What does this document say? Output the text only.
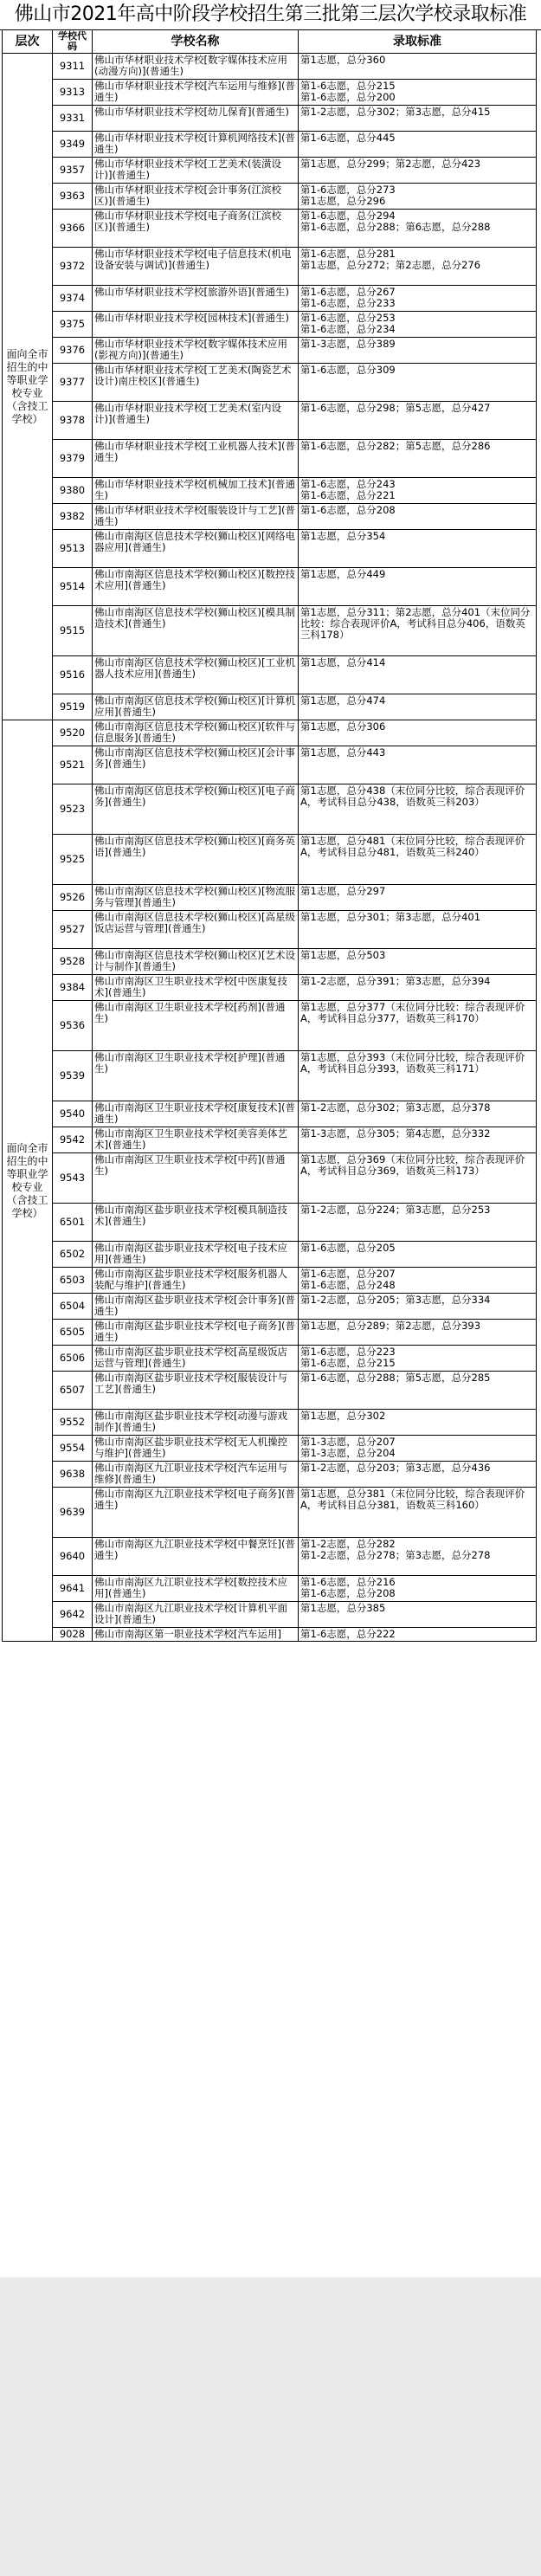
佛山市2021年高中阶段学校招生第三批第三层次学校录取标准
层次	学校代码	学校名称	录取标准
面向全市招生的中等职业学校专业（含技工学校）	9311	佛山市华材职业技术学校[数字媒体技术应用(动漫方向)](普通生)	第1志愿，总分360
	9313	佛山市华材职业技术学校[汽车运用与维修](普通生)	第1-6志愿，总分215
第1-6志愿，总分200
	9331	佛山市华材职业技术学校[幼儿保育](普通生)	第1-2志愿，总分302；第3志愿，总分415
	9349	佛山市华材职业技术学校[计算机网络技术](普通生)	第1-6志愿，总分445
	9357	佛山市华材职业技术学校[工艺美术(装潢设计)](普通生)	第1志愿，总分299；第2志愿，总分423
	9363	佛山市华材职业技术学校[会计事务(江滨校区)](普通生)	第1-6志愿，总分273
第1志愿，总分296
	9366	佛山市华材职业技术学校[电子商务(江滨校区)](普通生)	第1-6志愿，总分294
第1-6志愿，总分288；第6志愿，总分288
	9372	佛山市华材职业技术学校[电子信息技术(机电设备安装与调试)](普通生)	第1-6志愿，总分281
第1志愿，总分272；第2志愿，总分276
	9374	佛山市华材职业技术学校[旅游外语](普通生)	第1-6志愿，总分267
第1-6志愿，总分233
	9375	佛山市华材职业技术学校[园林技术](普通生)	第1-6志愿，总分253
第1-6志愿，总分234
	9376	佛山市华材职业技术学校[数字媒体技术应用(影视方向)](普通生)	第1-3志愿，总分389
	9377	佛山市华材职业技术学校[工艺美术(陶瓷艺术设计)南庄校区](普通生)	第1-6志愿，总分309
	9378	佛山市华材职业技术学校[工艺美术(室内设计)](普通生)	第1-6志愿，总分298；第5志愿，总分427
	9379	佛山市华材职业技术学校[工业机器人技术](普通生)	第1-6志愿，总分282；第5志愿，总分286
	9380	佛山市华材职业技术学校[机械加工技术](普通生)	第1-6志愿，总分243
第1-6志愿，总分221
	9382	佛山市华材职业技术学校[服装设计与工艺](普通生)	第1-6志愿，总分208
	9513	佛山市南海区信息技术学校(狮山校区)[网络电器应用](普通生)	第1志愿，总分354
	9514	佛山市南海区信息技术学校(狮山校区)[数控技术应用](普通生)	第1志愿，总分449
	9515	佛山市南海区信息技术学校(狮山校区)[模具制造技术](普通生)	第1志愿，总分311；第2志愿，总分401（末位同分比较：综合表现评价A，考试科目总分406，语数英三科178）
	9516	佛山市南海区信息技术学校(狮山校区)[工业机器人技术应用](普通生)	第1志愿，总分414
	9519	佛山市南海区信息技术学校(狮山校区)[计算机应用](普通生)	第1志愿，总分474
面向全市招生的中等职业学校专业（含技工学校）	9520	佛山市南海区信息技术学校(狮山校区)[软件与信息服务](普通生)	第1志愿，总分306
	9521	佛山市南海区信息技术学校(狮山校区)[会计事务](普通生)	第1志愿，总分443
	9523	佛山市南海区信息技术学校(狮山校区)[电子商务](普通生)	第1志愿，总分438（末位同分比较，综合表现评价A，考试科目总分438，语数英三科203）
	9525	佛山市南海区信息技术学校(狮山校区)[商务英语](普通生)	第1志愿，总分481（末位同分比较，综合表现评价A，考试科目总分481，语数英三科240）
	9526	佛山市南海区信息技术学校(狮山校区)[物流服务与管理](普通生)	第1志愿，总分297
	9527	佛山市南海区信息技术学校(狮山校区)[高星级饭店运营与管理](普通生)	第1志愿，总分301；第3志愿，总分401
	9528	佛山市南海区信息技术学校(狮山校区)[艺术设计与制作](普通生)	第1志愿，总分503
	9384	佛山市南海区卫生职业技术学校[中医康复技术](普通生)	第1-2志愿，总分391；第3志愿，总分394
	9536	佛山市南海区卫生职业技术学校[药剂](普通生)	第1志愿，总分377（末位同分比较：综合表现评价A，考试科目总分377，语数英三科170）
	9539	佛山市南海区卫生职业技术学校[护理](普通生)	第1志愿，总分393（末位同分比较，综合表现评价A，考试科目总分393，语数英三科171）
	9540	佛山市南海区卫生职业技术学校[康复技术](普通生)	第1-2志愿，总分302；第3志愿，总分378
	9542	佛山市南海区卫生职业技术学校[美容美体艺术](普通生)	第1-3志愿，总分305；第4志愿，总分332
	9543	佛山市南海区卫生职业技术学校[中药](普通生)	第1志愿，总分369（末位同分比较，综合表现评价A，考试科目总分369，语数英三科173）
	6501	佛山市南海区盐步职业技术学校[模具制造技术](普通生)	第1-2志愿，总分224；第3志愿，总分253
	6502	佛山市南海区盐步职业技术学校[电子技术应用](普通生)	第1-6志愿，总分205
	6503	佛山市南海区盐步职业技术学校[服务机器人装配与维护](普通生)	第1-6志愿，总分207
第1-6志愿，总分248
	6504	佛山市南海区盐步职业技术学校[会计事务](普通生)	第1-2志愿，总分205；第3志愿，总分334
	6505	佛山市南海区盐步职业技术学校[电子商务](普通生)	第1志愿，总分289；第2志愿，总分393
	6506	佛山市南海区盐步职业技术学校[高星级饭店运营与管理](普通生)	第1-6志愿，总分223
第1-6志愿，总分215
	6507	佛山市南海区盐步职业技术学校[服装设计与工艺](普通生)	第1-6志愿，总分288；第5志愿，总分285
	9552	佛山市南海区盐步职业技术学校[动漫与游戏制作](普通生)	第1志愿，总分302
	9554	佛山市南海区盐步职业技术学校[无人机操控与维护](普通生)	第1-3志愿，总分207
第1-3志愿，总分204
	9638	佛山市南海区九江职业技术学校[汽车运用与维修](普通生)	第1-2志愿，总分203；第3志愿，总分436
	9639	佛山市南海区九江职业技术学校[电子商务](普通生)	第1志愿，总分381（末位同分比较，综合表现评价A，考试科目总分381，语数英三科160）
	9640	佛山市南海区九江职业技术学校[中餐烹饪](普通生)	第1-2志愿，总分282
第1-2志愿，总分278；第3志愿，总分278
	9641	佛山市南海区九江职业技术学校[数控技术应用](普通生)	第1-6志愿，总分216
第1-6志愿，总分208
	9642	佛山市南海区九江职业技术学校[计算机平面设计](普通生)	第1志愿，总分385
	9028	佛山市南海区第一职业技术学校[汽车运用]	第1-6志愿，总分222
